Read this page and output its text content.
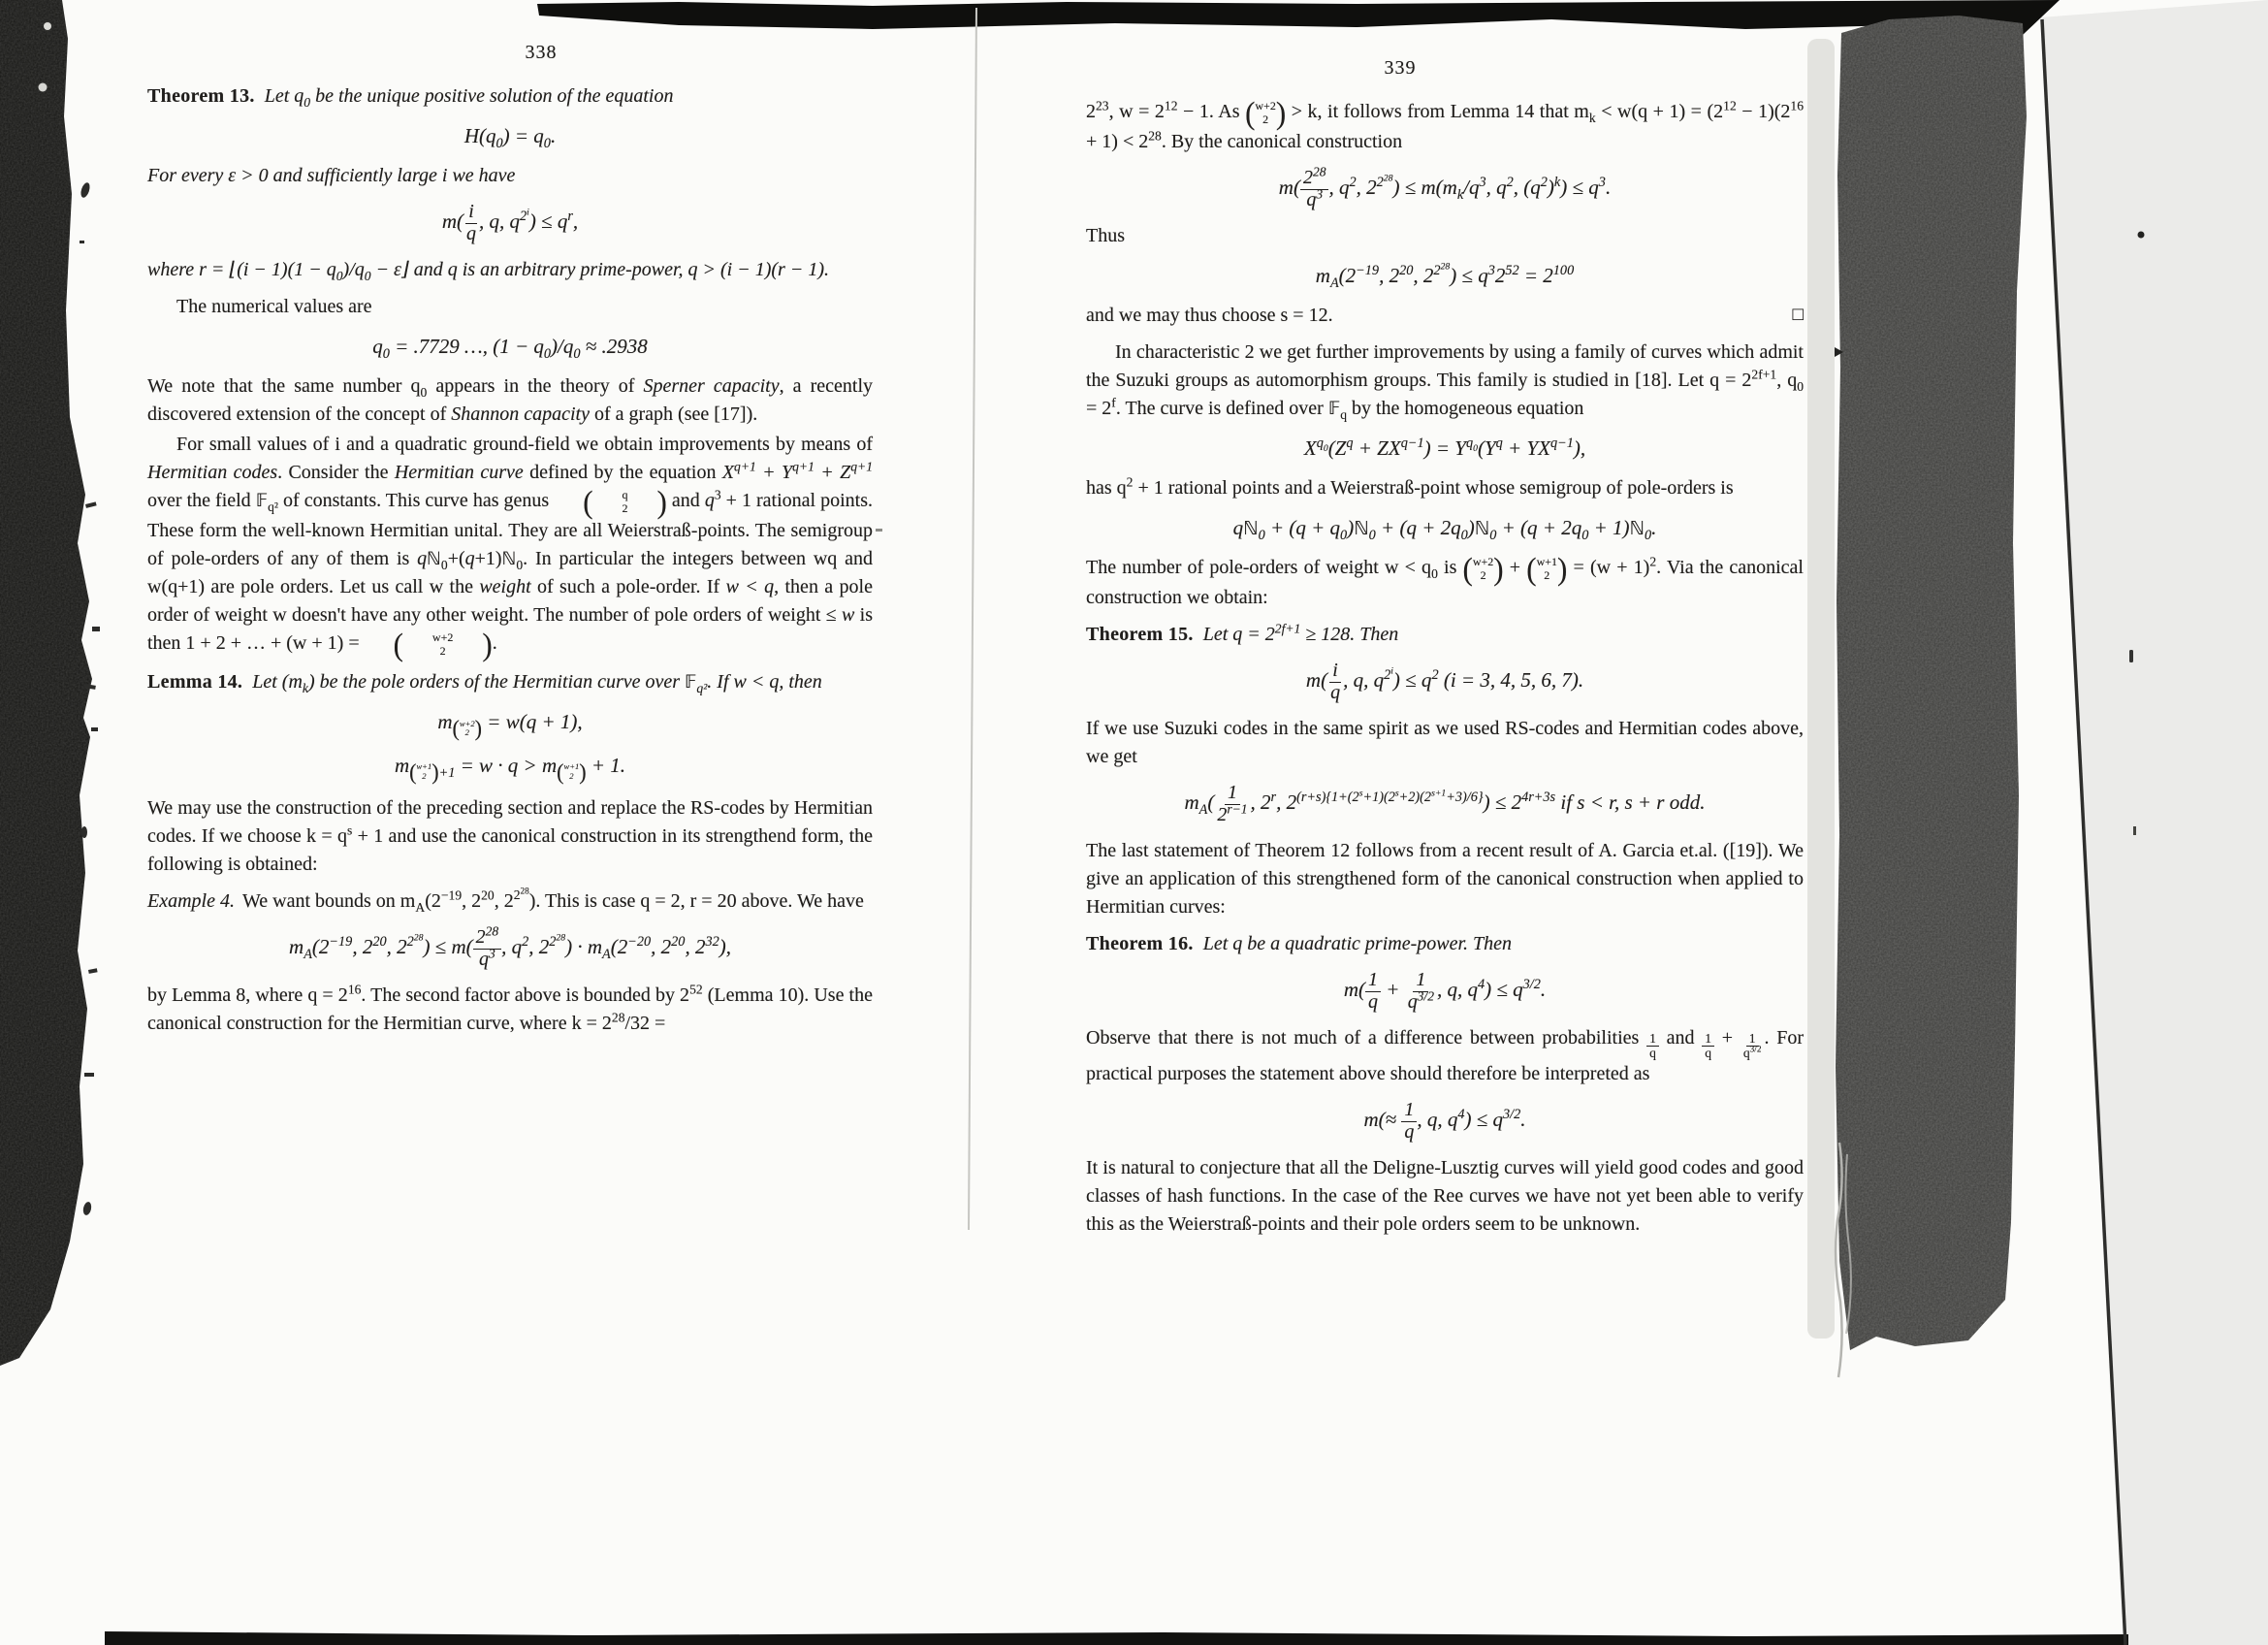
338

Theorem 13. Let $q_0$ be the unique positive solution of the equation

$H(q_0) = q_0$.

For every ε > 0 and sufficiently large i we have

$m( \frac{i}{q}$ , q, $q^{2^i}) \le q^r$,

where r = ⌊(i − $1)(1 - q_0)/q_0$ − ε⌋ and q is an arbitrary prime-power, q > (i − 1)(r − 1).

The numerical values are

$q_0 = .7729$ …, $(1 - q_0)/q_0 \approx .2938$

We note that the same number $q_0$ appears in the theory of Sperner capacity, a recently discovered extension of the concept of Shannon capacity of a graph (see [17]).

For small values of i and a quadratic ground-field we obtain improvements by means of Hermitian codes. Consider the Hermitian curve defined by the equation $X^{q+1} + Y^{q+1} + Z^{q+1}$ over the field 𝔽$_{q^2}$ of constants. This curve has genus (	q
2 ) and $q^3 + 1$ rational points. These form the well-known Hermitian unital. They are all Weierstraß-points. The semigroup of pole-orders of any of them is qℕ$_0$+(q+1)ℕ$_0$. In particular the integers between wq and w(q+1) are pole orders. Let us call w the weight of such a pole-order. If w < q, then a pole order of weight w doesn't have any other weight. The number of pole orders of weight ≤ w is then 1 + 2 + … + (w + 1) = (	w+2
2	) .

Lemma 14. Let $(m_k)$ be the pole orders of the Hermitian curve over 𝔽$_{q^2}$. If w < q, then

m $_{( w+2 2 )}$ = w(q + 1),
m $_{( w+1 2 ) +1}$ = w · q > m $_{( w+1 2 )}$ + 1.

We may use the construction of the preceding section and replace the RS-codes by Hermitian codes. If we choose $k = q^s + 1$ and use the canonical construction in its strengthend form, the following is obtained:

Example 4. We want bounds on $m_A(2^{-19}$, $2^{20}$, $2^{2^{28}}$). This is case q = 2, r = 20 above. We have

$m_A(2^{-19}$, $2^{20}$, $2^{2^{28}}) \le m( \frac{2^{28}}{q^3}$ , $q^2$, $2^{2^{28}}) \cdot m_A(2^{-20}$, $2^{20}$, $2^{32}$),

by Lemma 8, where $q = 2^{16}$. The second factor above is bounded by $2^{52}$ (Lemma 10). Use the canonical construction for the Hermitian curve, where $k = 2^{28}/32$ =

339

$2^{23}$, $w = 2^{12} - 1$. As ( w+2
2 ) > k, it follows from Lemma 14 that $m_k < w(q + 1) = (2^{12} - 1)(2^{16} + 1) < 2^{28}$. By the canonical construction

$m( \frac{2^{28}}{q^3}$ , $q^2$, $2^{2^{28}}) \le m(m_k/q^3$, $q^2$, $(q^2)^k) \le q^3$.

Thus

$m_A(2^{-19}$, $2^{20}$, $2^{2^{28}}) \le q^32^{52} = 2^{100}$

and we may thus choose s = 12.	□

In characteristic 2 we get further improvements by using a family of curves which admit the Suzuki groups as automorphism groups. This family is studied in [18]. Let $q = 2^{2f+1}$, $q_0 = 2^f$. The curve is defined over 𝔽$_q$ by the homogeneous equation

$X^{q_0}(Z^q + ZX^{q-1}) = Y^{q_0}(Y^q + YX^{q-1})$,

has $q^2 + 1$ rational points and a Weierstraß-point whose semigroup of pole-orders is

qℕ$_0$ + $(q + q_0)ℕ_0 + (q$ + $2q_0)ℕ_0 + (q + 2q_0$ + 1)ℕ$_0$.

The number of pole-orders of weight $w < q_0$ is ( w+2
2 ) + ( w+1
2 ) = $(w + 1)^2$. Via the canonical construction we obtain:

Theorem 15. Let $q = 2^{2f+1} \ge 128$. Then

$m( \frac{i}{q}$ , q, $q^{2^i}) \le q^2$ (i = 3, 4, 5, 6, 7).

If we use Suzuki codes in the same spirit as we used RS-codes and Hermitian codes above, we get

$m_A( \frac{1}{2^{r-1}}$ , 2$^r$, $2^{(r+s)\{1+(2^s+1)(2^s+2)(2^{s+1}+3)/6\}}) \le 2^{4r+3s}$ if s < r, s + r odd.

The last statement of Theorem 12 follows from a recent result of A. Garcia et.al. ([19]). We give an application of this strengthened form of the canonical construction when applied to Hermitian curves:

Theorem 16. Let q be a quadratic prime-power. Then

$m( \frac{1}{q} + \frac{1}{q^{3/2}}$ , q, $q^4) \le q^{3/2}$.

Observe that there is not much of a difference between probabilities $\frac{1}{q}$ and $\frac{1}{q} + \frac{1}{q^{3/2}}$ . For practical purposes the statement above should therefore be interpreted as

$m(\approx \frac{1}{q}$ , q, $q^4) \le q^{3/2}$.

It is natural to conjecture that all the Deligne-Lusztig curves will yield good codes and good classes of hash functions. In the case of the Ree curves we have not yet been able to verify this as the Weierstraß-points and their pole orders seem to be unknown.
